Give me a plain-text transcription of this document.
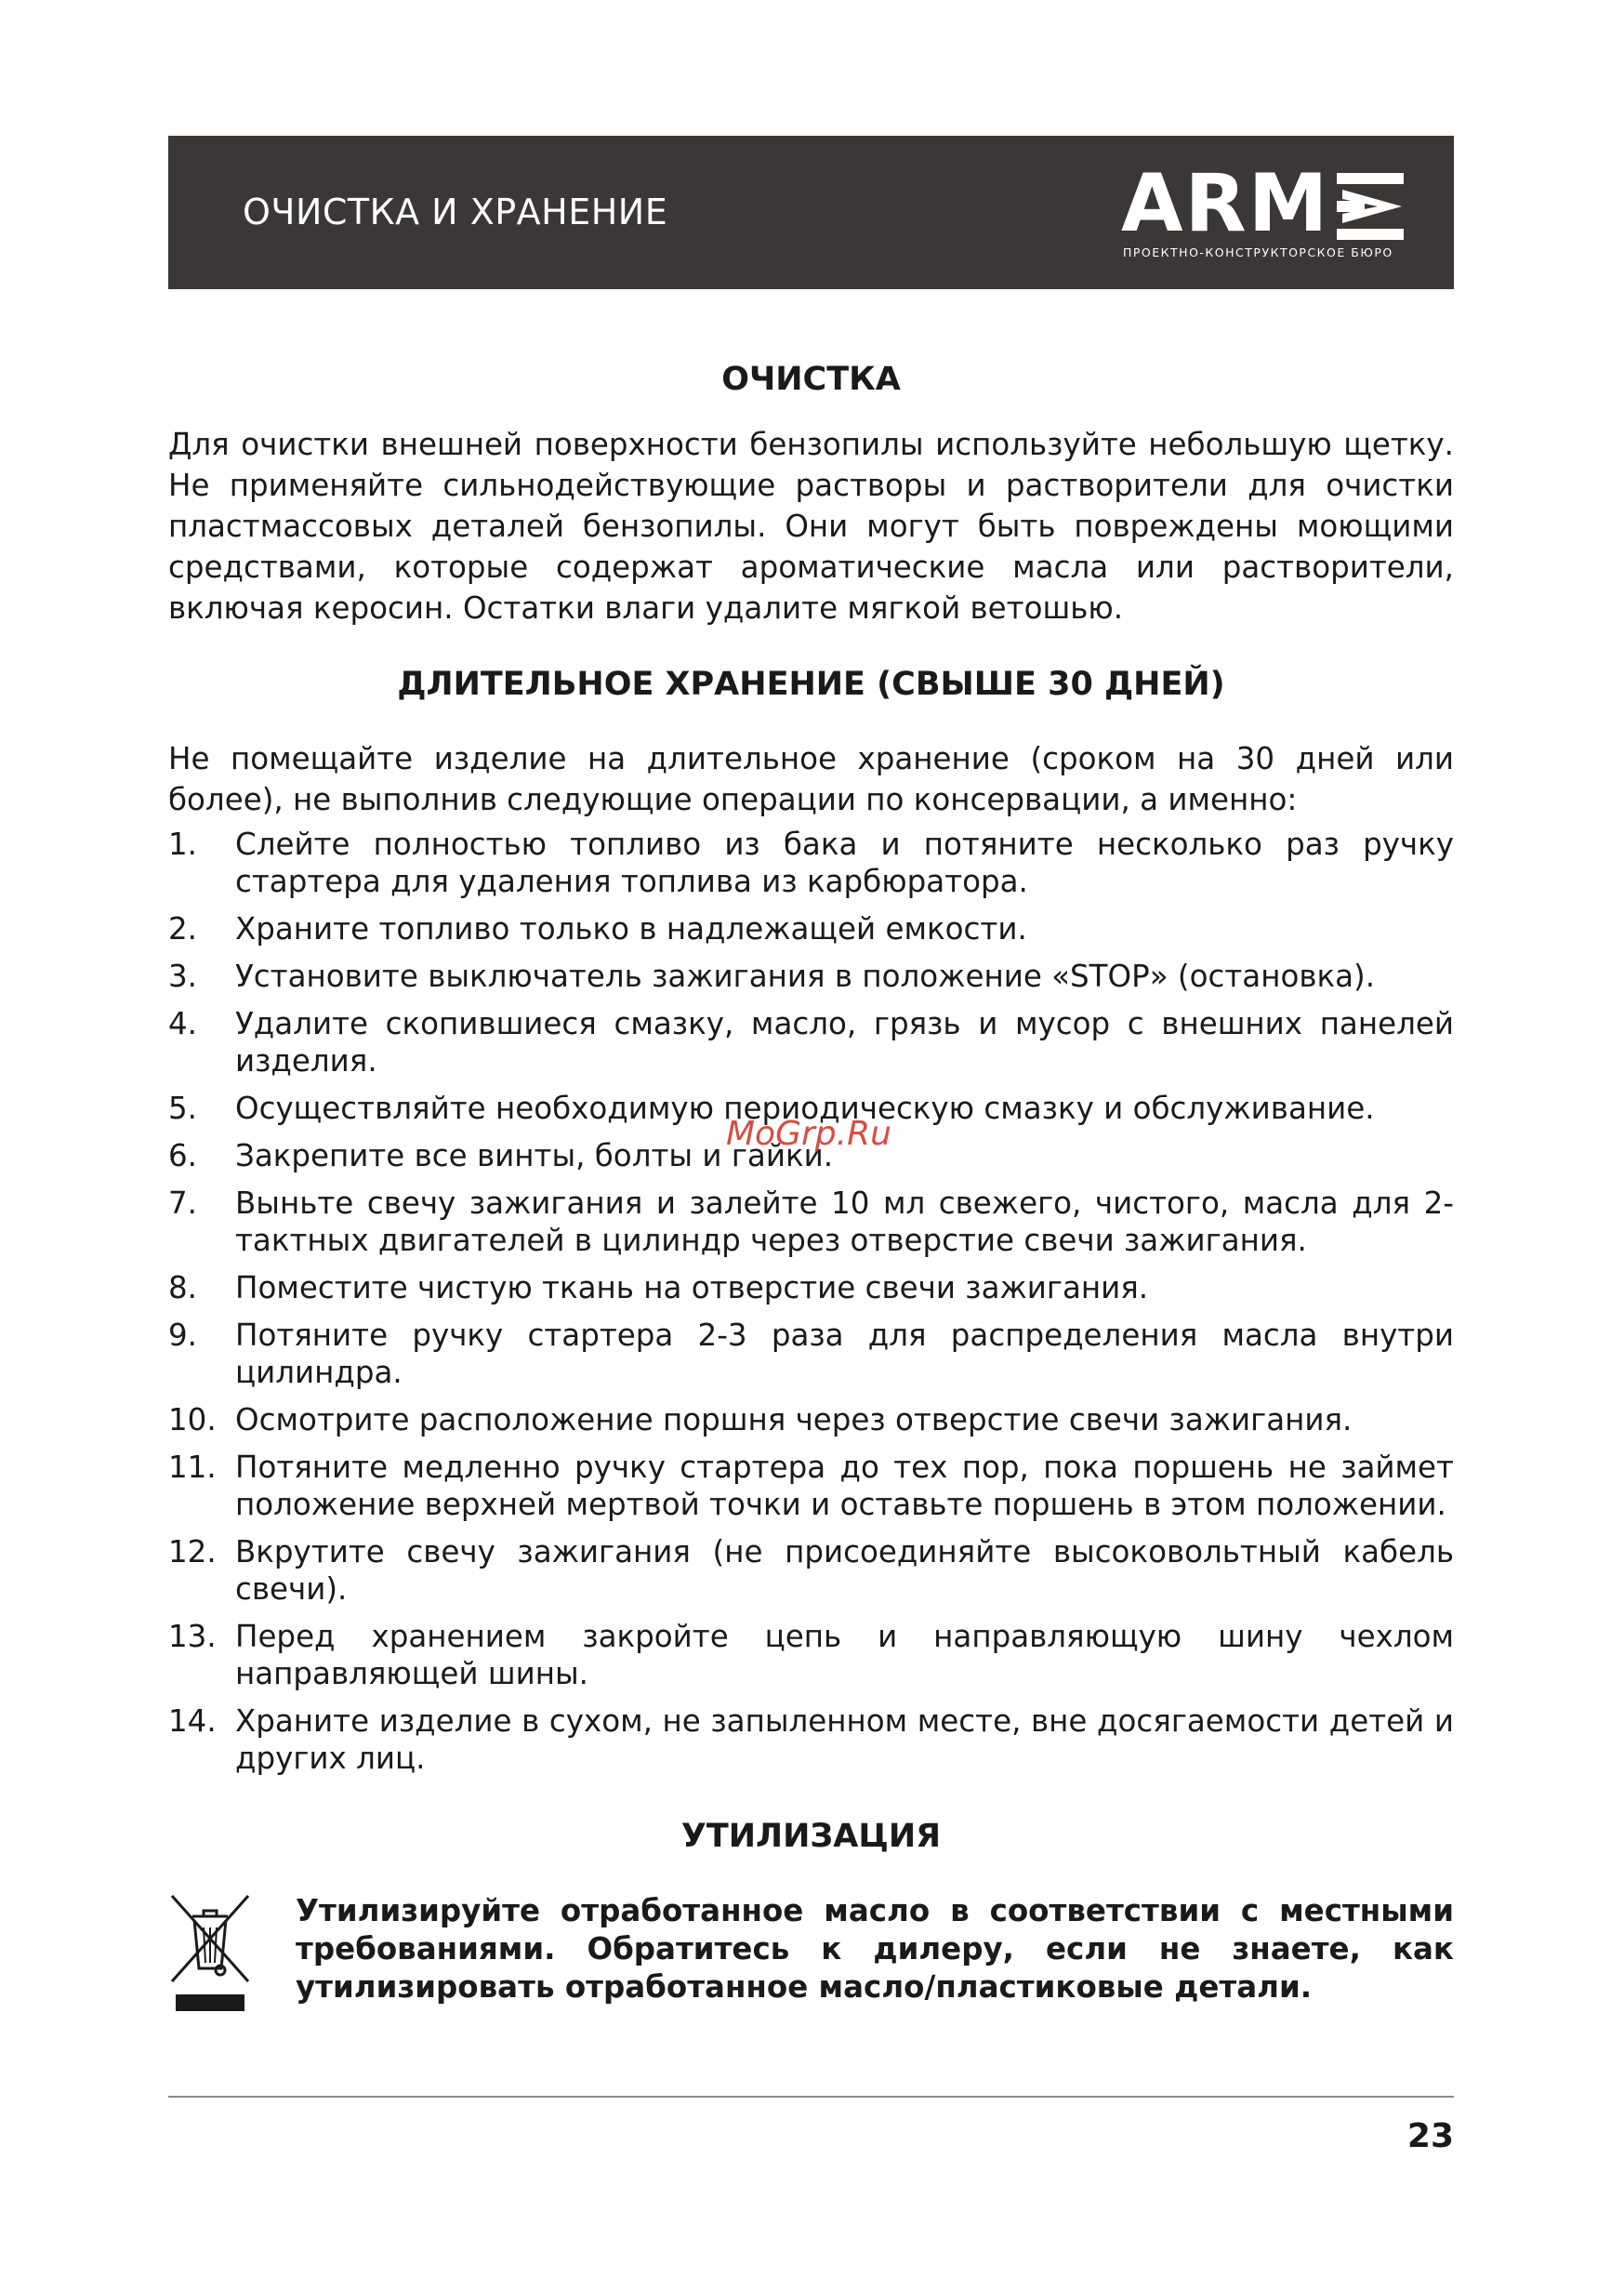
ОЧИСТКА И ХРАНЕНИЕ	ARM
ПРОЕКТНО-КОНСТРУКТОРСКОЕ БЮРО
ОЧИСТКА

Для очистки внешней поверхности бензопилы используйте небольшую щетку. Не применяйте сильнодействующие растворы и растворители для очистки пластмассовых деталей бензопилы. Они могут быть повреждены моющими средствами, которые содержат ароматические масла или растворители, включая керосин. Остатки влаги удалите мягкой ветошью.

ДЛИТЕЛЬНОЕ ХРАНЕНИЕ (СВЫШЕ 30 ДНЕЙ)

Не помещайте изделие на длительное хранение (сроком на 30 дней или более), не выполнив следующие операции по консервации, а именно:

1. Слейте полностью топливо из бака и потяните несколько раз ручку стартера для удаления топлива из карбюратора.
2. Храните топливо только в надлежащей емкости.
3. Установите выключатель зажигания в положение «STOP» (остановка).
4. Удалите скопившиеся смазку, масло, грязь и мусор с внешних панелей изделия.
5. Осуществляйте необходимую периодическую смазку и обслуживание.
6. Закрепите все винты, болты и гайки.
7. Выньте свечу зажигания и залейте 10 мл свежего, чистого, масла для 2-тактных двигателей в цилиндр через отверстие свечи зажигания.
8. Поместите чистую ткань на отверстие свечи зажигания.
9. Потяните ручку стартера 2-3 раза для распределения масла внутри цилиндра.
10. Осмотрите расположение поршня через отверстие свечи зажигания.
11. Потяните медленно ручку стартера до тех пор, пока поршень не займет положение верхней мертвой точки и оставьте поршень в этом положении.
12. Вкрутите свечу зажигания (не присоединяйте высоковольтный кабель свечи).
13. Перед хранением закройте цепь и направляющую шину чехлом направляющей шины.
14. Храните изделие в сухом, не запыленном месте, вне досягаемости детей и других лиц.
УТИЛИЗАЦИЯ
Утилизируйте отработанное масло в соответствии с местными требованиями. Обратитесь к дилеру, если не знаете, как утилизировать отработанное масло/пластиковые детали.
MoGrp.Ru
23
